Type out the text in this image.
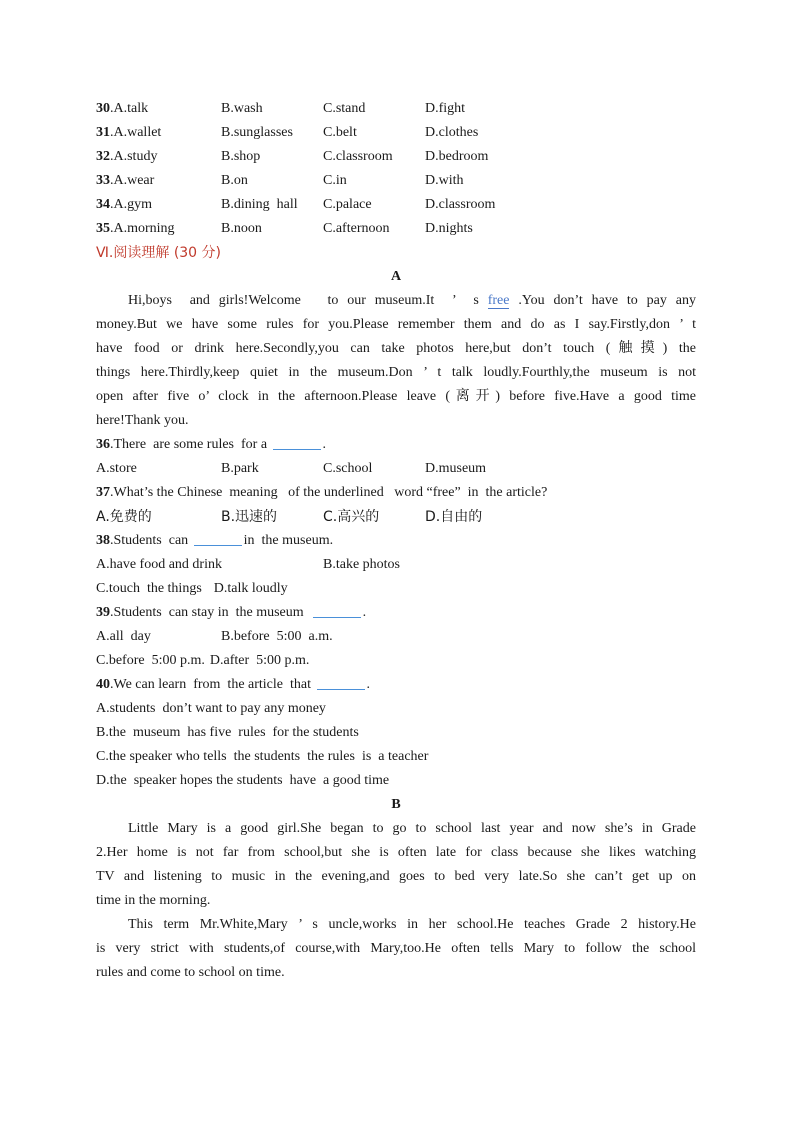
30.A.talk	B.wash	C.stand	D.fight
31.A.wallet	B.sunglasses	C.belt	D.clothes
32.A.study	B.shop	C.classroom	D.bedroom
33.A.wear	B.on	C.in	D.with
34.A.gym	B.dining  hall	C.palace	D.classroom
35.A.morning	B.noon	C.afternoon	D.nights
Ⅵ.阅读理解 (30 分)
A
Hi,boys  and girls!Welcome   to our museum.It  ’  s free .You don’t have to pay any
money.But we have some rules for you.Please remember them and do as I say.Firstly,don ’ t
have food or drink here.Secondly,you can take photos here,but don’t touch (触摸) the
things here.Thirdly,keep quiet in the museum.Don ’ t talk loudly.Fourthly,the museum is not
open after five o’ clock in the afternoon.Please leave (离开) before five.Have a good time
here!Thank you.
36.There  are some rules  for a	.
A.store	B.park	C.school	D.museum
37.What’s the Chinese  meaning   of the underlined   word “free”  in  the article?
A.免费的	B.迅速的	C.高兴的	D.自由的
38.Students  can	in  the museum.
A.have food and drink	B.take photos
C.touch  the things D.talk loudly
39.Students  can stay in  the museum	.
A.all  day	B.before  5:00  a.m.
C.before  5:00 p.m. D.after  5:00 p.m.
40.We can learn  from  the article  that	.
A.students  don’t want to pay any money
B.the  museum  has five  rules  for the students
C.the speaker who tells  the students  the rules  is  a teacher
D.the  speaker hopes the students  have  a good time
B
Little Mary is a good girl.She began to go to school last year and now she’s in Grade
2.Her home is not far from school,but she is often late for class because she likes watching
TV and listening to music in the evening,and goes to bed very late.So she can’t get up on
time in the morning.
This term Mr.White,Mary ’ s uncle,works in her school.He teaches Grade 2 history.He
is very strict with students,of course,with Mary,too.He often tells Mary to follow the school
rules and come to school on time.
